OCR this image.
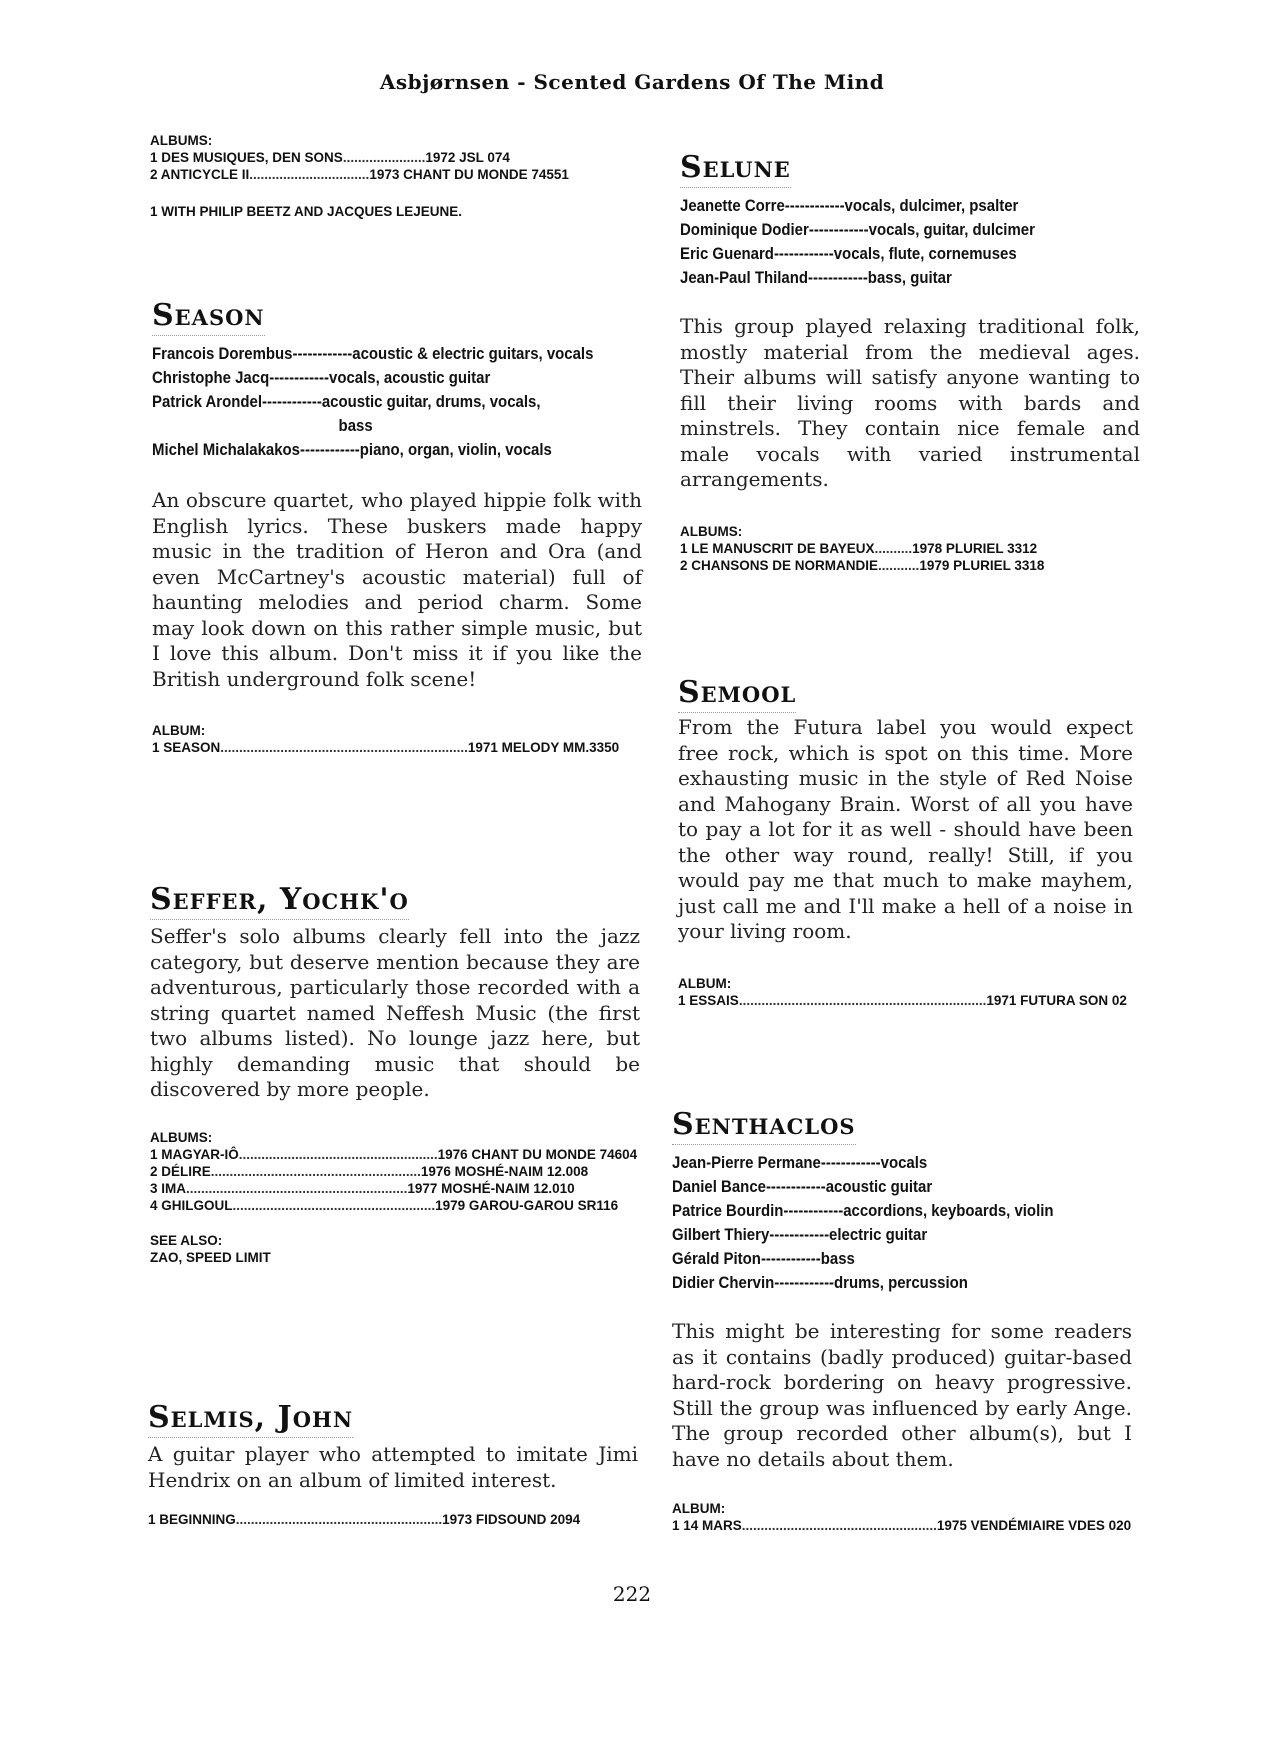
Asbjørnsen - Scented Gardens Of The Mind

ALBUMS:

1 DES MUSIQUES, DEN SONS......................1972 JSL 074

2 ANTICYCLE II................................1973 CHANT DU MONDE 74551

1 WITH PHILIP BEETZ AND JACQUES LEJEUNE.

Season

Francois Dorembus------------acoustic & electric guitars, vocals

Christophe Jacq------------vocals, acoustic guitar

Patrick Arondel------------acoustic guitar, drums, vocals,

bass

Michel Michalakakos------------piano, organ, violin, vocals

An obscure quartet, who played hippie folk with English lyrics. These buskers made happy music in the tradition of Heron and Ora (and even McCartney's acoustic material) full of haunting melodies and period charm. Some may look down on this rather simple music, but I love this album. Don't miss it if you like the British underground folk scene!

ALBUM:

1 SEASON..................................................................1971 MELODY MM.3350

Seffer, Yochk'o

Seffer's solo albums clearly fell into the jazz category, but deserve mention because they are adventurous, particularly those recorded with a string quartet named Neffesh Music (the first two albums listed). No lounge jazz here, but highly demanding music that should be discovered by more people.

ALBUMS:

1 MAGYAR-IÔ.....................................................1976 CHANT DU MONDE 74604

2 DÉLIRE........................................................1976 MOSHÉ-NAIM 12.008

3 IMA...........................................................1977 MOSHÉ-NAIM 12.010

4 GHILGOUL......................................................1979 GAROU-GAROU SR116

SEE ALSO:

ZAO, SPEED LIMIT

Selmis, John

A guitar player who attempted to imitate Jimi Hendrix on an album of limited interest.

1 BEGINNING.......................................................1973 FIDSOUND 2094

Selune

Jeanette Corre------------vocals, dulcimer, psalter

Dominique Dodier------------vocals, guitar, dulcimer

Eric Guenard------------vocals, flute, cornemuses

Jean-Paul Thiland------------bass, guitar

This group played relaxing traditional folk, mostly material from the medieval ages. Their albums will satisfy anyone wanting to fill their living rooms with bards and minstrels. They contain nice female and male vocals with varied instrumental arrangements.

ALBUMS:

1 LE MANUSCRIT DE BAYEUX..........1978 PLURIEL 3312

2 CHANSONS DE NORMANDIE...........1979 PLURIEL 3318

Semool

From the Futura label you would expect free rock, which is spot on this time. More exhausting music in the style of Red Noise and Mahogany Brain. Worst of all you have to pay a lot for it as well - should have been the other way round, really! Still, if you would pay me that much to make mayhem, just call me and I'll make a hell of a noise in your living room.

ALBUM:

1 ESSAIS..................................................................1971 FUTURA SON 02

Senthaclos

Jean-Pierre Permane------------vocals

Daniel Bance------------acoustic guitar

Patrice Bourdin------------accordions, keyboards, violin

Gilbert Thiery------------electric guitar

Gérald Piton------------bass

Didier Chervin------------drums, percussion

This might be interesting for some readers as it contains (badly produced) guitar-based hard-rock bordering on heavy progressive. Still the group was influenced by early Ange. The group recorded other album(s), but I have no details about them.

ALBUM:

1 14 MARS....................................................1975 VENDÉMIAIRE VDES 020

222
